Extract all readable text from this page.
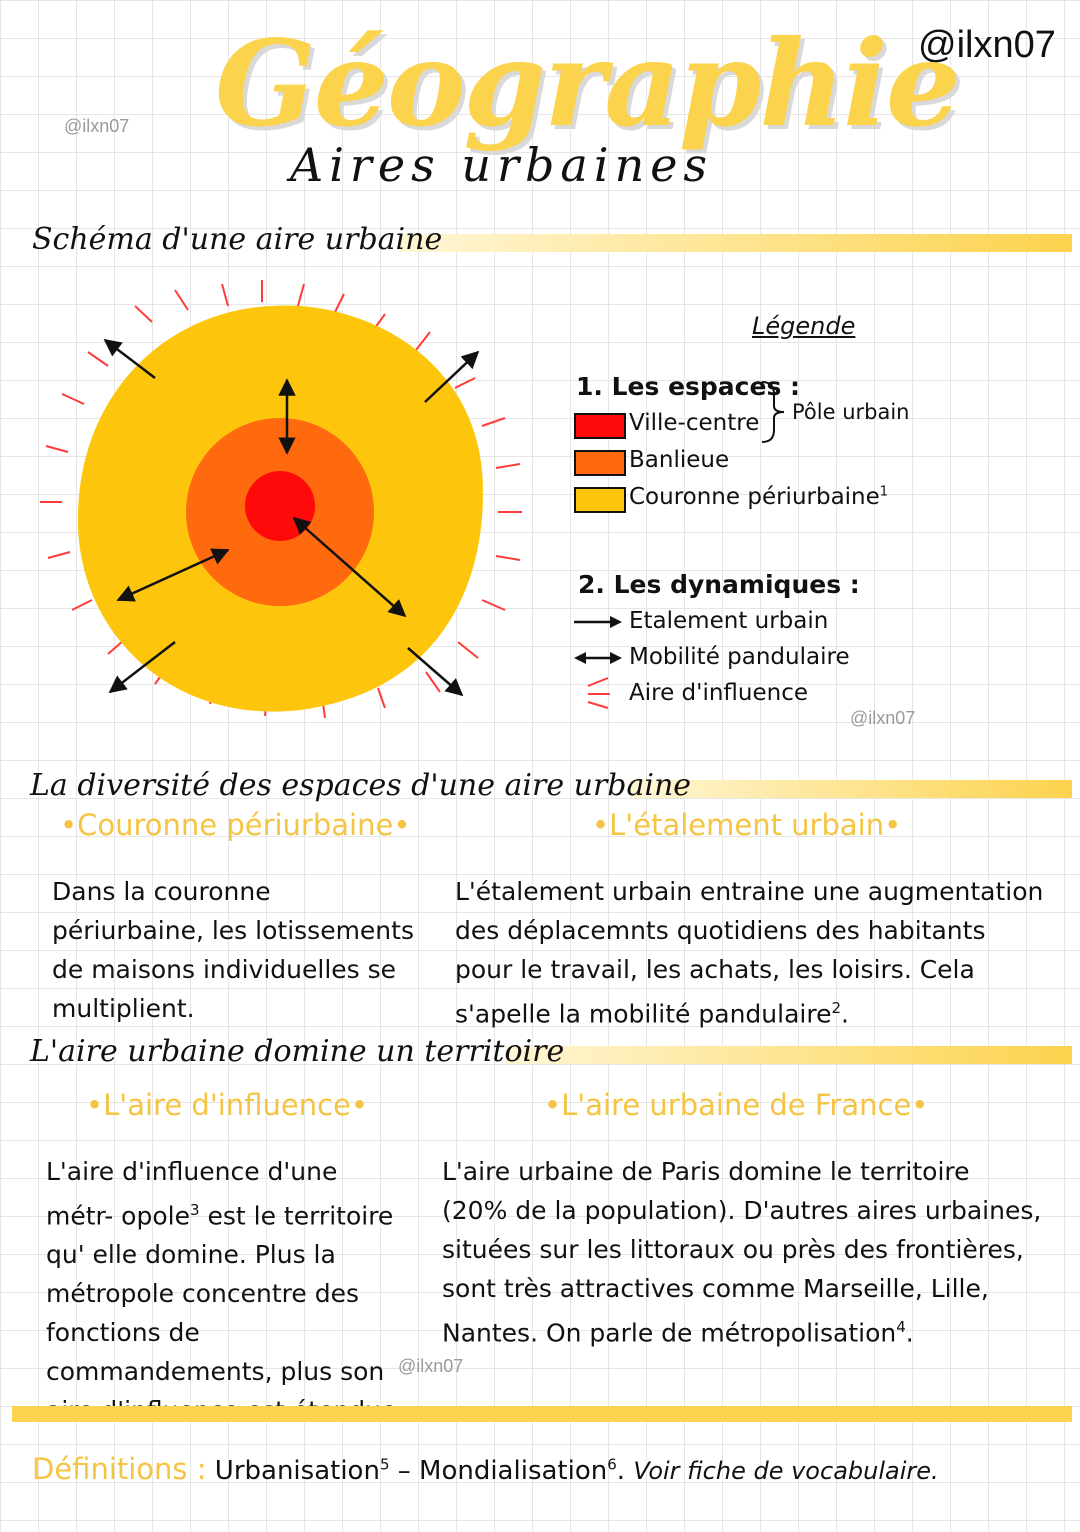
@ilxn07
@ilxn07 Géographie
Aires urbaines
Schéma d'une aire urbaine
Légende
1. Les espaces :
Ville-centre
Banlieue
Couronne périurbaine$^1$
Pôle urbain
2. Les dynamiques :
Etalement urbain
Mobilité pandulaire
Aire d'influence
@ilxn07
La diversité des espaces d'une aire urbaine
•Couronne périurbaine•	•L'étalement urbain•
Dans la couronne périurbaine, les lotissements de maisons individuelles se multiplient.
L'étalement urbain entraine une augmentation des déplacemnts quotidiens des habitants pour le travail, les achats, les loisirs. Cela s'apelle la mobilité pandulaire$^2$.
L'aire urbaine domine un territoire
•L'aire d'influence•	•L'aire urbaine de France•
L'aire d'influence d'une métr- opole$^3$ est le territoire qu' elle domine. Plus la métropole concentre des fonctions de commandements, plus son
L'aire urbaine de Paris domine le territoire (20% de la population). D'autres aires urbaines, situées sur les littoraux ou près des frontières, sont très attractives comme Marseille, Lille, Nantes. On parle de métropolisation$^4$.
@ilxn07
Définitions : Urbanisation$^5$ – Mondialisation$^6$. Voir fiche de vocabulaire.
